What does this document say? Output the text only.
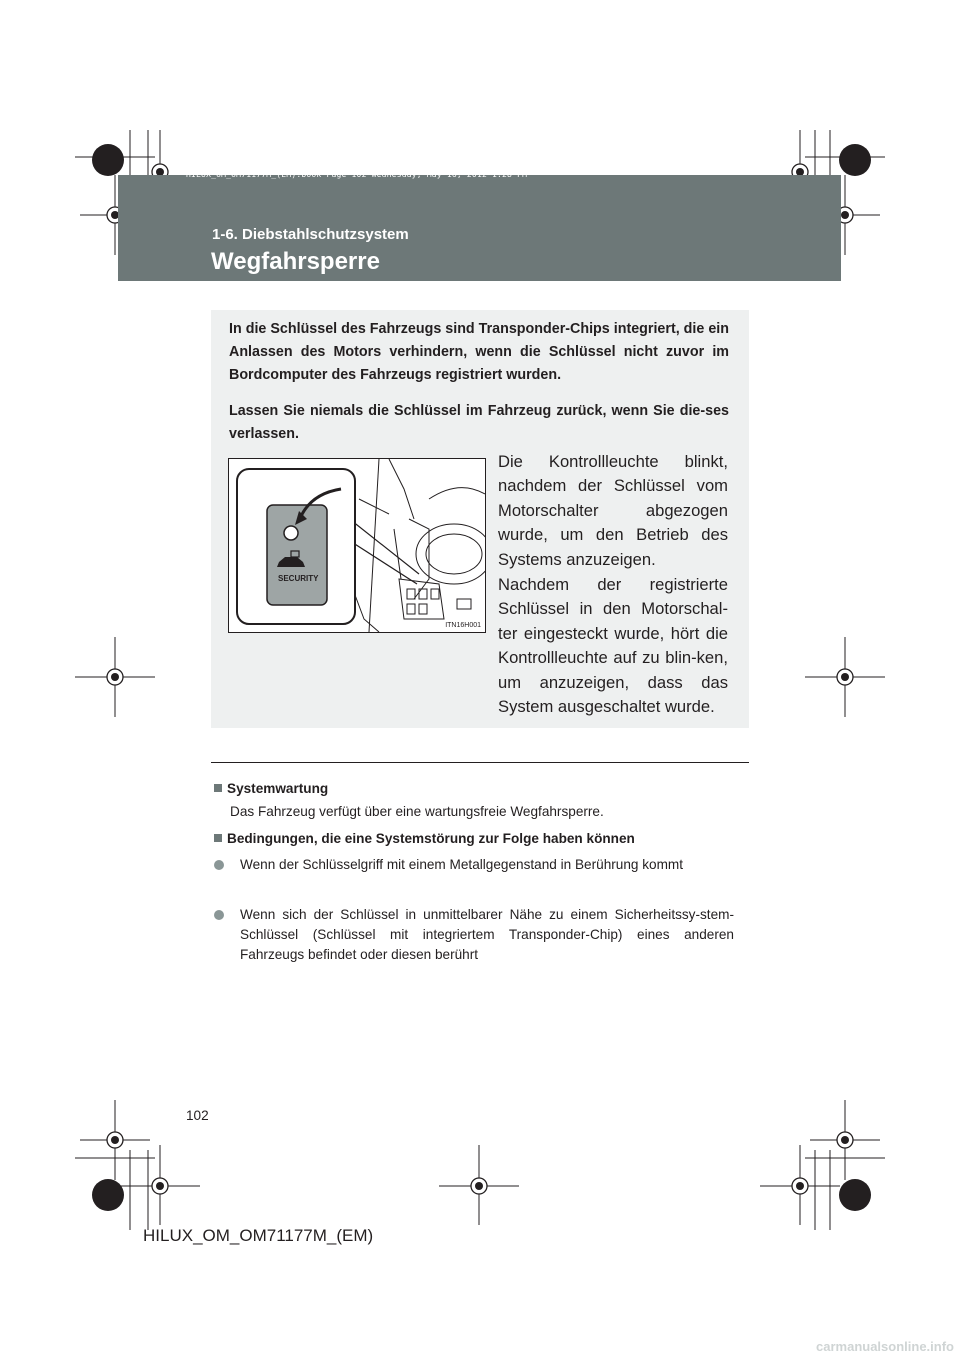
HILUX_OM_OM71177M_(EM).book Page 102 Wednesday, May 16, 2012 1:28 PM
1-6. Diebstahlschutzsystem
Wegfahrsperre

In die Schlüssel des Fahrzeugs sind Transponder-Chips integriert, die ein Anlassen des Motors verhindern, wenn die Schlüssel nicht zuvor im Bordcomputer des Fahrzeugs registriert wurden.

Lassen Sie niemals die Schlüssel im Fahrzeug zurück, wenn Sie die-ses verlassen.

SECURITY
ITN16H001

Die Kontrollleuchte blinkt, nachdem der Schlüssel vom Motorschalter abgezogen wurde, um den Betrieb des Systems anzuzeigen.

Nachdem der registrierte Schlüssel in den Motorschal-ter eingesteckt wurde, hört die Kontrollleuchte auf zu blin-ken, um anzuzeigen, dass das System ausgeschaltet wurde.

Systemwartung

Das Fahrzeug verfügt über eine wartungsfreie Wegfahrsperre.

Bedingungen, die eine Systemstörung zur Folge haben können

Wenn der Schlüsselgriff mit einem Metallgegenstand in Berührung kommt
Wenn sich der Schlüssel in unmittelbarer Nähe zu einem Sicherheitssy-stem-Schlüssel (Schlüssel mit integriertem Transponder-Chip) eines anderen Fahrzeugs befindet oder diesen berührt
102
HILUX_OM_OM71177M_(EM)
carmanualsonline.info
